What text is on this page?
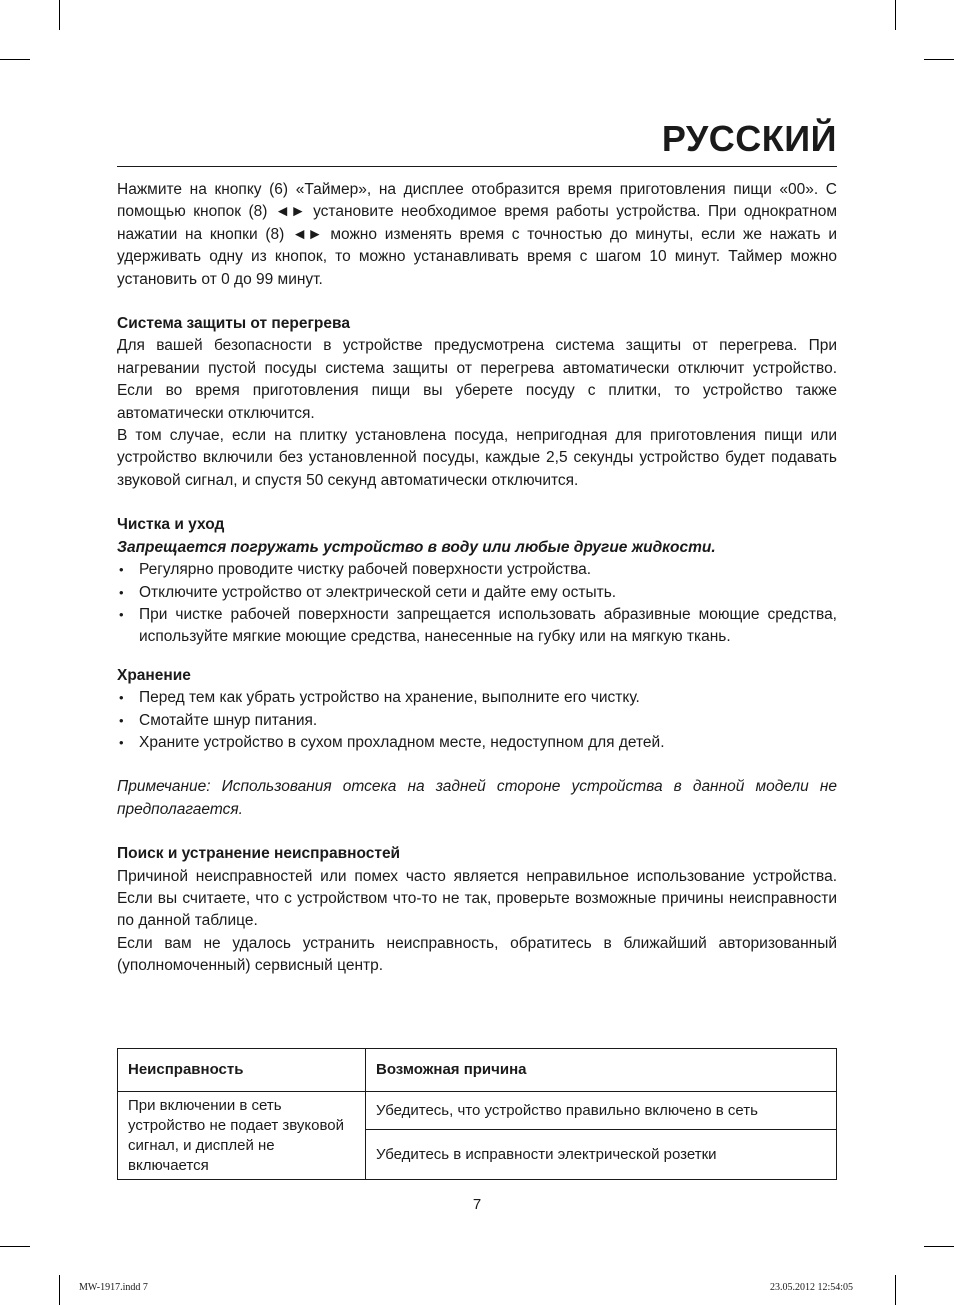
РУССКИЙ

Нажмите на кнопку (6) «Таймер», на дисплее отобразится время приготовления пищи «00». С помощью кнопок (8) ◄► установите необходимое время работы устройства. При однократном нажатии на кнопки (8) ◄► можно изменять время с точностью до минуты, если же нажать и удерживать одну из кнопок, то можно устанавливать время с шагом 10 минут. Таймер можно установить от 0 до 99 минут.

Система защиты от перегрева

Для вашей безопасности в устройстве предусмотрена система защиты от перегрева. При нагревании пустой посуды система защиты от перегрева автоматически отключит устройство. Если во время приготовления пищи вы уберете посуду с плитки, то устройство также автоматически отключится.

В том случае, если на плитку установлена посуда, непригодная для приготовления пищи или устройство включили без установленной посуды, каждые 2,5 секунды устройство будет подавать звуковой сигнал, и спустя 50 секунд автоматически отключится.

Чистка и уход
Запрещается погружать устройство в воду или любые другие жидкости.
• Регулярно проводите чистку рабочей поверхности устройства.
• Отключите устройство от электрической сети и дайте ему остыть.
• При чистке рабочей поверхности запрещается использовать абразивные моющие средства, используйте мягкие моющие средства, нанесенные на губку или на мягкую ткань.
Хранение
• Перед тем как убрать устройство на хранение, выполните его чистку.
• Смотайте шнур питания.
• Храните устройство в сухом прохладном месте, недоступном для детей.

Примечание: Использования отсека на задней стороне устройства в данной модели не предполагается.

Поиск и устранение неисправностей

Причиной неисправностей или помех часто является неправильное использование устройства. Если вы считаете, что с устройством что-то не так, проверьте возможные причины неисправности по данной таблице.

Если вам не удалось устранить неисправность, обратитесь в ближайший авторизованный (уполномоченный) сервисный центр.

Неисправность	Возможная причина
При включении в сеть устройство не подает звуковой сигнал, и дисплей не включается	Убедитесь, что устройство правильно включено в сеть
	Убедитесь в исправности электрической розетки
7
MW-1917.indd 7	23.05.2012 12:54:05
